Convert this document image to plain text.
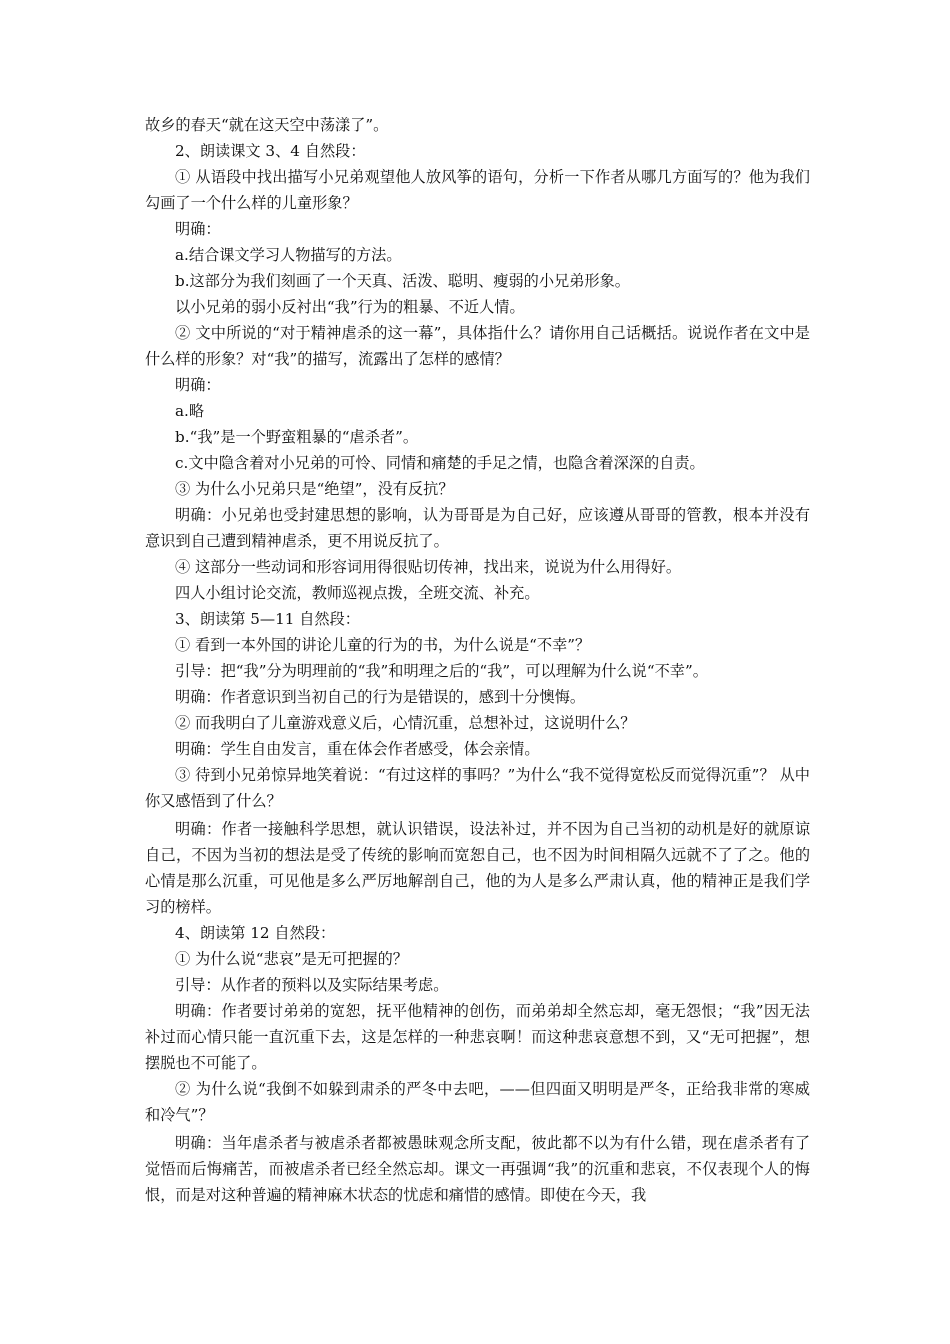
故乡的春天“就在这天空中荡漾了”。

2、朗读课文 3、4 自然段：

① 从语段中找出描写小兄弟观望他人放风筝的语句，分析一下作者从哪几方面写的？他为我们勾画了一个什么样的儿童形象？

明确：

a.结合课文学习人物描写的方法。

b.这部分为我们刻画了一个天真、活泼、聪明、瘦弱的小兄弟形象。

以小兄弟的弱小反衬出“我”行为的粗暴、不近人情。

② 文中所说的“对于精神虐杀的这一幕”，具体指什么？请你用自己话概括。说说作者在文中是什么样的形象？对“我”的描写，流露出了怎样的感情？

明确：

a.略

b.“我”是一个野蛮粗暴的“虐杀者”。

c.文中隐含着对小兄弟的可怜、同情和痛楚的手足之情，也隐含着深深的自责。

③ 为什么小兄弟只是“绝望”，没有反抗？

明确：小兄弟也受封建思想的影响，认为哥哥是为自己好，应该遵从哥哥的管教，根本并没有意识到自己遭到精神虐杀，更不用说反抗了。

④ 这部分一些动词和形容词用得很贴切传神，找出来，说说为什么用得好。

四人小组讨论交流，教师巡视点拨，全班交流、补充。

3、朗读第 5—11 自然段：

① 看到一本外国的讲论儿童的行为的书，为什么说是“不幸”？

引导：把“我”分为明理前的“我”和明理之后的“我”，可以理解为什么说“不幸”。

明确：作者意识到当初自己的行为是错误的，感到十分懊悔。

② 而我明白了儿童游戏意义后，心情沉重，总想补过，这说明什么？

明确：学生自由发言，重在体会作者感受，体会亲情。

③ 待到小兄弟惊异地笑着说：“有过这样的事吗？”为什么“我不觉得宽松反而觉得沉重”？ 从中你又感悟到了什么？

明确：作者一接触科学思想，就认识错误，设法补过，并不因为自己当初的动机是好的就原谅自己，不因为当初的想法是受了传统的影响而宽恕自己，也不因为时间相隔久远就不了了之。他的心情是那么沉重，可见他是多么严厉地解剖自己，他的为人是多么严肃认真，他的精神正是我们学习的榜样。

4、朗读第 12 自然段：

① 为什么说“悲哀”是无可把握的？

引导：从作者的预料以及实际结果考虑。

明确：作者要讨弟弟的宽恕，抚平他精神的创伤，而弟弟却全然忘却，毫无怨恨；“我”因无法补过而心情只能一直沉重下去，这是怎样的一种悲哀啊！而这种悲哀意想不到，又“无可把握”，想摆脱也不可能了。

② 为什么说“我倒不如躲到肃杀的严冬中去吧，——但四面又明明是严冬，正给我非常的寒威和冷气”？

明确：当年虐杀者与被虐杀者都被愚昧观念所支配，彼此都不以为有什么错，现在虐杀者有了觉悟而后悔痛苦，而被虐杀者已经全然忘却。课文一再强调“我”的沉重和悲哀，不仅表现个人的悔恨，而是对这种普遍的精神麻木状态的忧虑和痛惜的感情。即使在今天，我
